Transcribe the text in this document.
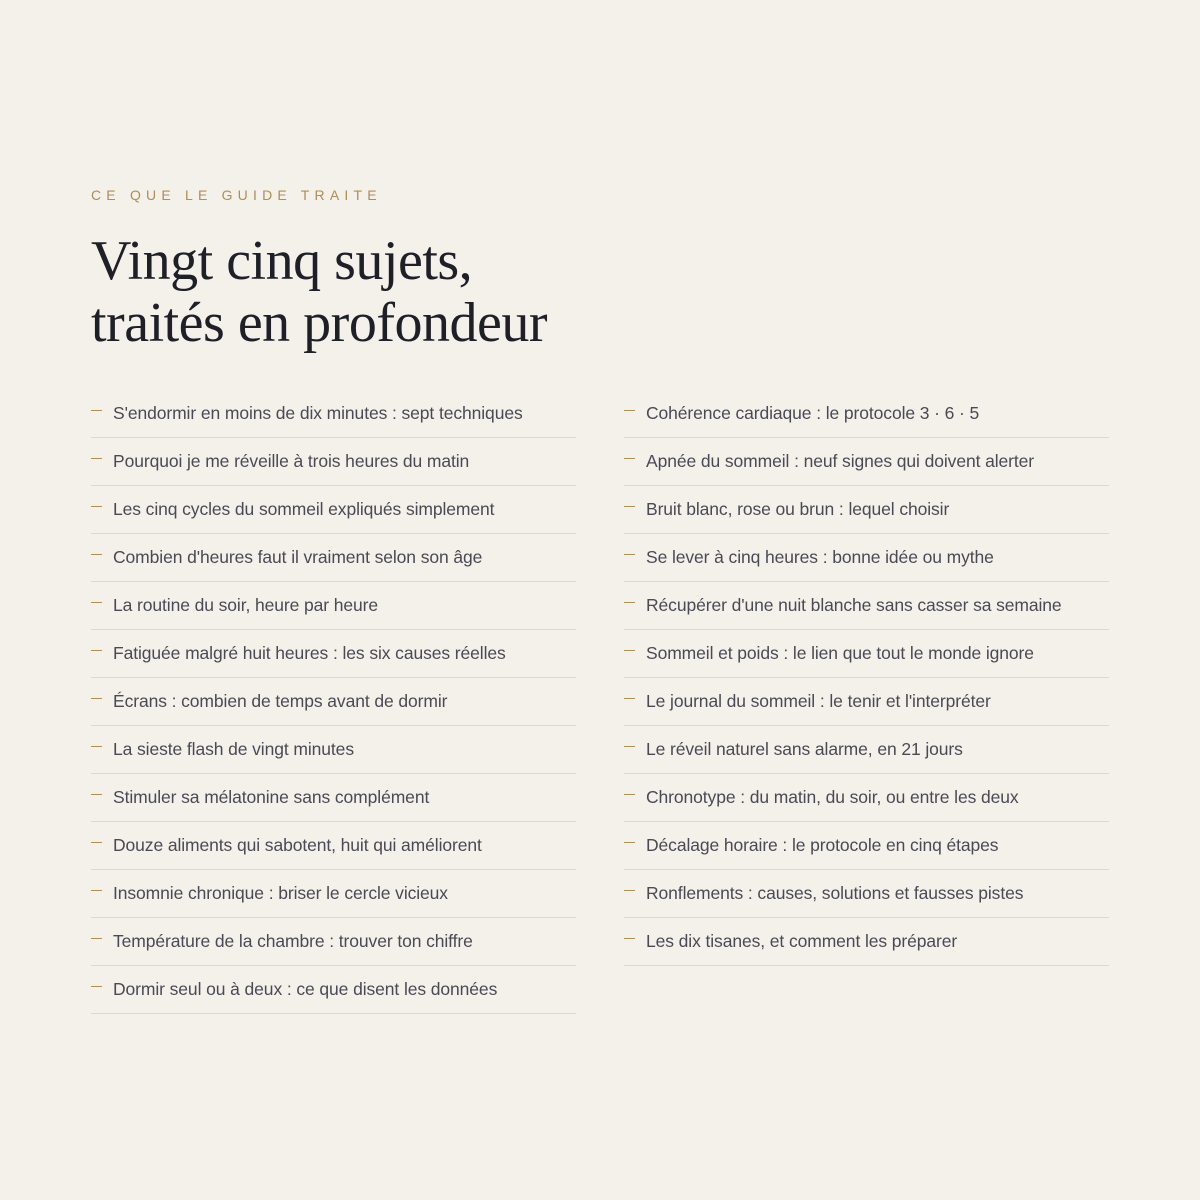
CE QUE LE GUIDE TRAITE
Vingt cinq sujets,
traités en profondeur
S'endormir en moins de dix minutes : sept techniques
Pourquoi je me réveille à trois heures du matin
Les cinq cycles du sommeil expliqués simplement
Combien d'heures faut il vraiment selon son âge
La routine du soir, heure par heure
Fatiguée malgré huit heures : les six causes réelles
Écrans : combien de temps avant de dormir
La sieste flash de vingt minutes
Stimuler sa mélatonine sans complément
Douze aliments qui sabotent, huit qui améliorent
Insomnie chronique : briser le cercle vicieux
Température de la chambre : trouver ton chiffre
Dormir seul ou à deux : ce que disent les données
Cohérence cardiaque : le protocole 3 · 6 · 5
Apnée du sommeil : neuf signes qui doivent alerter
Bruit blanc, rose ou brun : lequel choisir
Se lever à cinq heures : bonne idée ou mythe
Récupérer d'une nuit blanche sans casser sa semaine
Sommeil et poids : le lien que tout le monde ignore
Le journal du sommeil : le tenir et l'interpréter
Le réveil naturel sans alarme, en 21 jours
Chronotype : du matin, du soir, ou entre les deux
Décalage horaire : le protocole en cinq étapes
Ronflements : causes, solutions et fausses pistes
Les dix tisanes, et comment les préparer
